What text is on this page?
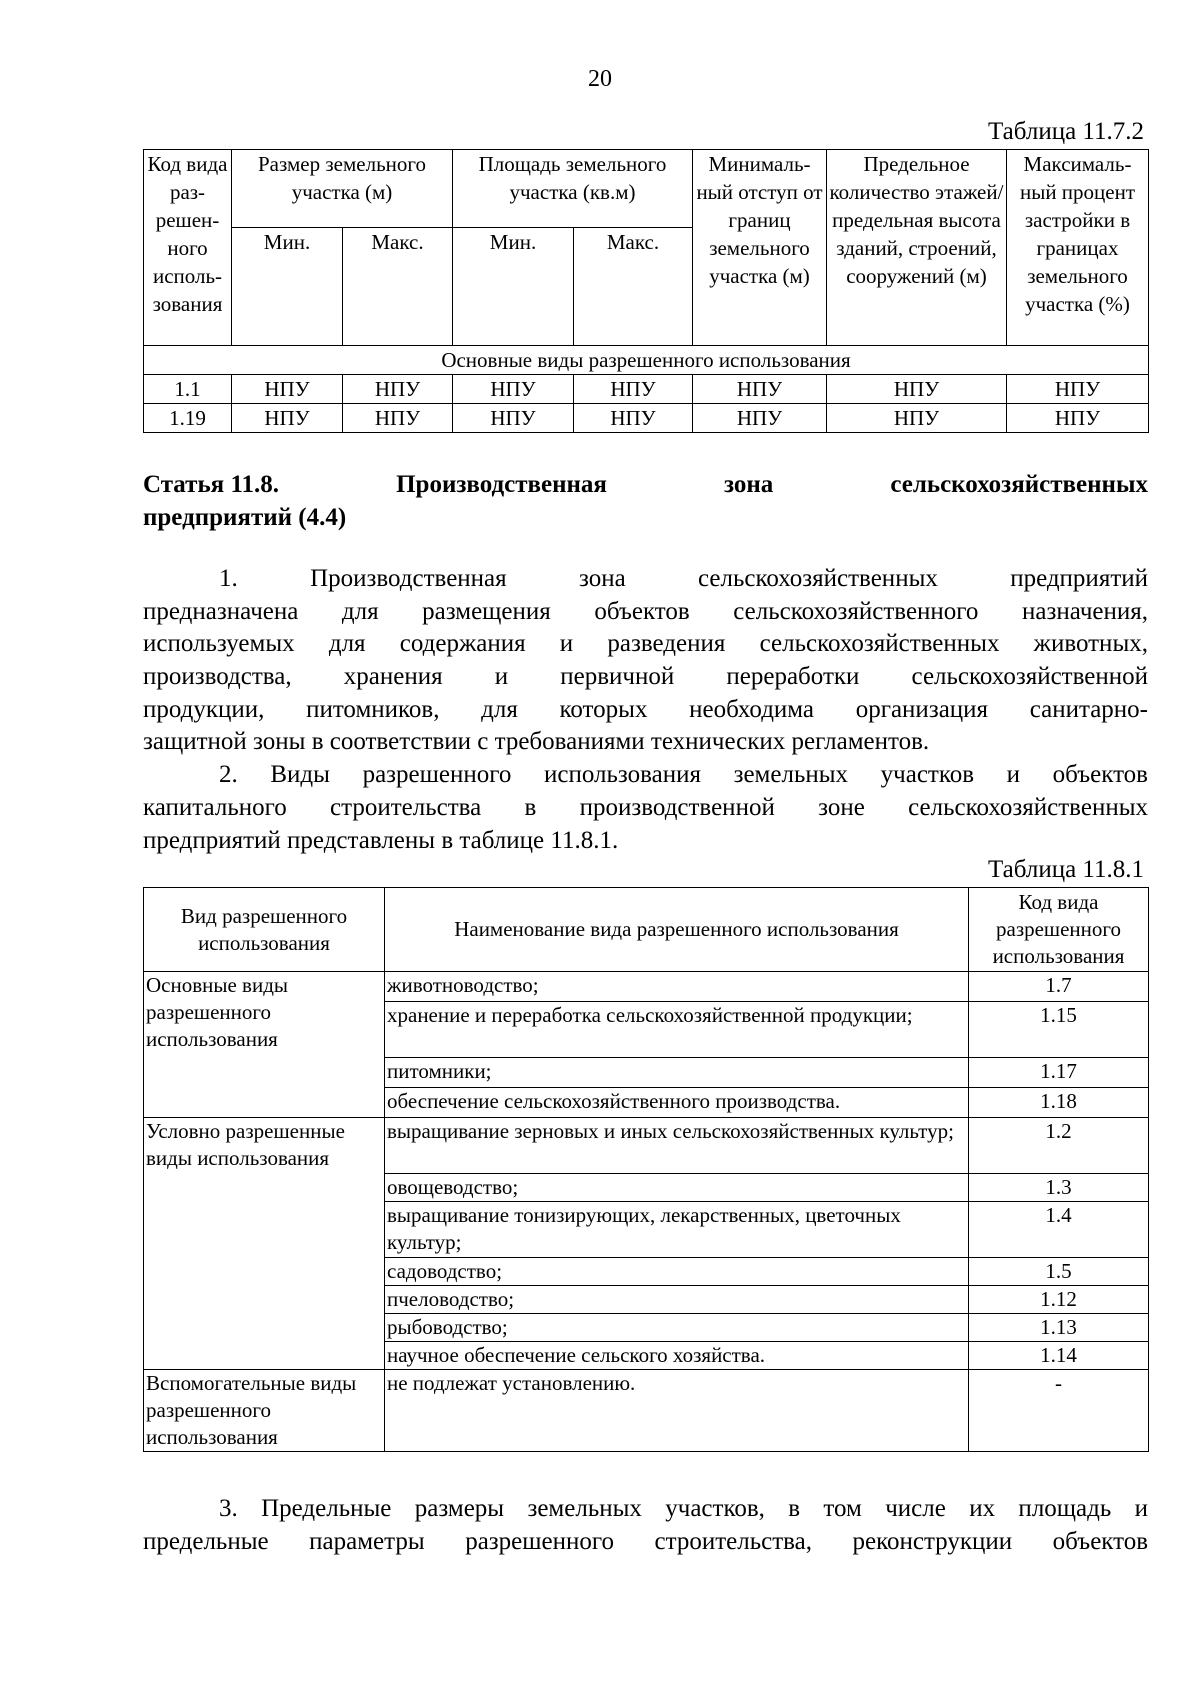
20
Таблица 11.7.2
Код вида раз- решен- ного исполь- зования	Размер земельного участка (м)		Площадь земельного участка (кв.м)		Минималь- ный отступ от границ земельного участка (м)	Предельное количество этажей/ предельная высота зданий, строений, сооружений (м)	Максималь- ный процент застройки в границах земельного участка (%)
	Мин.	Макс.	Мин.	Макс.			
Основные виды разрешенного использования							
1.1	НПУ	НПУ	НПУ	НПУ	НПУ	НПУ	НПУ
1.19	НПУ	НПУ	НПУ	НПУ	НПУ	НПУ	НПУ
Статья 11.8.	Производственная	зона	сельскохозяйственных
предприятий (4.4)
1. Производственная зона сельскохозяйственных предприятий
предназначена для размещения объектов сельскохозяйственного назначения,
используемых для содержания и разведения сельскохозяйственных животных,
производства, хранения и первичной переработки сельскохозяйственной
продукции, питомников, для которых необходима организация санитарно-
защитной зоны в соответствии с требованиями технических регламентов.
2. Виды разрешенного использования земельных участков и объектов
капитального строительства в производственной зоне сельскохозяйственных
предприятий представлены в таблице 11.8.1.
Таблица 11.8.1
Вид разрешенного использования	Наименование вида разрешенного использования	Код вида разрешенного использования
Основные виды разрешенного использования	животноводство;	1.7
	хранение и переработка сельскохозяйственной продукции;	1.15
	питомники;	1.17
	обеспечение сельскохозяйственного производства.	1.18
Условно разрешенные виды использования	выращивание зерновых и иных сельскохозяйственных культур;	1.2
	овощеводство;	1.3
	выращивание тонизирующих, лекарственных, цветочных культур;	1.4
	садоводство;	1.5
	пчеловодство;	1.12
	рыбоводство;	1.13
	научное обеспечение сельского хозяйства.	1.14
Вспомогательные виды разрешенного использования	не подлежат установлению.	-
3. Предельные размеры земельных участков, в том числе их площадь и
предельные параметры разрешенного строительства, реконструкции объектов
